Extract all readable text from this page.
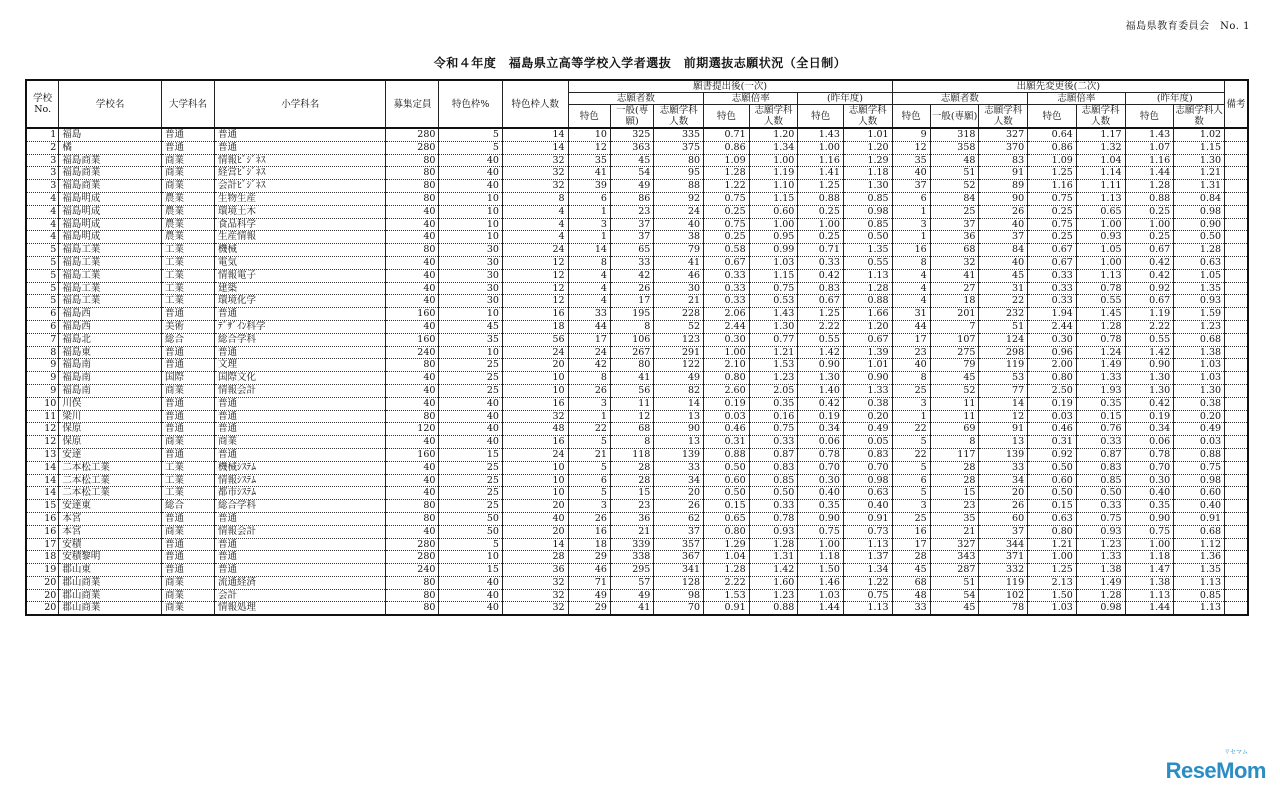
福島県教育委員会　No. 1
令和４年度　福島県立高等学校入学者選抜　前期選抜志願状況（全日制）
学校No.	学校名	大学科名	小学科名	募集定員	特色枠%	特色枠人数	願書提出後(一次)							出願先変更後(二次)							備考
							志願者数			志願倍率		(昨年度)		志願者数			志願倍率		(昨年度)		
							特色	一般(専願)	志願学科人数	特色	志願学科人数	特色	志願学科人数	特色	一般(専願)	志願学科人数	特色	志願学科人数	特色	志願学科人数	
1	福島	普通	普通	280	5	14	10	325	335	0.71	1.20	1.43	1.01	9	318	327	0.64	1.17	1.43	1.02	
2	橘	普通	普通	280	5	14	12	363	375	0.86	1.34	1.00	1.20	12	358	370	0.86	1.32	1.07	1.15	
3	福島商業	商業	情報ﾋﾞｼﾞﾈｽ	80	40	32	35	45	80	1.09	1.00	1.16	1.29	35	48	83	1.09	1.04	1.16	1.30	
3	福島商業	商業	経営ﾋﾞｼﾞﾈｽ	80	40	32	41	54	95	1.28	1.19	1.41	1.18	40	51	91	1.25	1.14	1.44	1.21	
3	福島商業	商業	会計ﾋﾞｼﾞﾈｽ	80	40	32	39	49	88	1.22	1.10	1.25	1.30	37	52	89	1.16	1.11	1.28	1.31	
4	福島明成	農業	生物生産	80	10	8	6	86	92	0.75	1.15	0.88	0.85	6	84	90	0.75	1.13	0.88	0.84	
4	福島明成	農業	環境土木	40	10	4	1	23	24	0.25	0.60	0.25	0.98	1	25	26	0.25	0.65	0.25	0.98	
4	福島明成	農業	食品科学	40	10	4	3	37	40	0.75	1.00	1.00	0.85	3	37	40	0.75	1.00	1.00	0.90	
4	福島明成	農業	生産情報	40	10	4	1	37	38	0.25	0.95	0.25	0.50	1	36	37	0.25	0.93	0.25	0.50	
5	福島工業	工業	機械	80	30	24	14	65	79	0.58	0.99	0.71	1.35	16	68	84	0.67	1.05	0.67	1.28	
5	福島工業	工業	電気	40	30	12	8	33	41	0.67	1.03	0.33	0.55	8	32	40	0.67	1.00	0.42	0.63	
5	福島工業	工業	情報電子	40	30	12	4	42	46	0.33	1.15	0.42	1.13	4	41	45	0.33	1.13	0.42	1.05	
5	福島工業	工業	建築	40	30	12	4	26	30	0.33	0.75	0.83	1.28	4	27	31	0.33	0.78	0.92	1.35	
5	福島工業	工業	環境化学	40	30	12	4	17	21	0.33	0.53	0.67	0.88	4	18	22	0.33	0.55	0.67	0.93	
6	福島西	普通	普通	160	10	16	33	195	228	2.06	1.43	1.25	1.66	31	201	232	1.94	1.45	1.19	1.59	
6	福島西	美術	ﾃﾞｻﾞｲﾝ科学	40	45	18	44	8	52	2.44	1.30	2.22	1.20	44	7	51	2.44	1.28	2.22	1.23	
7	福島北	総合	総合学科	160	35	56	17	106	123	0.30	0.77	0.55	0.67	17	107	124	0.30	0.78	0.55	0.68	
8	福島東	普通	普通	240	10	24	24	267	291	1.00	1.21	1.42	1.39	23	275	298	0.96	1.24	1.42	1.38	
9	福島南	普通	文理	80	25	20	42	80	122	2.10	1.53	0.90	1.01	40	79	119	2.00	1.49	0.90	1.03	
9	福島南	国際	国際文化	40	25	10	8	41	49	0.80	1.23	1.30	0.90	8	45	53	0.80	1.33	1.30	1.03	
9	福島南	商業	情報会計	40	25	10	26	56	82	2.60	2.05	1.40	1.33	25	52	77	2.50	1.93	1.30	1.30	
10	川俣	普通	普通	40	40	16	3	11	14	0.19	0.35	0.42	0.38	3	11	14	0.19	0.35	0.42	0.38	
11	梁川	普通	普通	80	40	32	1	12	13	0.03	0.16	0.19	0.20	1	11	12	0.03	0.15	0.19	0.20	
12	保原	普通	普通	120	40	48	22	68	90	0.46	0.75	0.34	0.49	22	69	91	0.46	0.76	0.34	0.49	
12	保原	商業	商業	40	40	16	5	8	13	0.31	0.33	0.06	0.05	5	8	13	0.31	0.33	0.06	0.03	
13	安達	普通	普通	160	15	24	21	118	139	0.88	0.87	0.78	0.83	22	117	139	0.92	0.87	0.78	0.88	
14	二本松工業	工業	機械ｼｽﾃﾑ	40	25	10	5	28	33	0.50	0.83	0.70	0.70	5	28	33	0.50	0.83	0.70	0.75	
14	二本松工業	工業	情報ｼｽﾃﾑ	40	25	10	6	28	34	0.60	0.85	0.30	0.98	6	28	34	0.60	0.85	0.30	0.98	
14	二本松工業	工業	都市ｼｽﾃﾑ	40	25	10	5	15	20	0.50	0.50	0.40	0.63	5	15	20	0.50	0.50	0.40	0.60	
15	安達東	総合	総合学科	80	25	20	3	23	26	0.15	0.33	0.35	0.40	3	23	26	0.15	0.33	0.35	0.40	
16	本宮	普通	普通	80	50	40	26	36	62	0.65	0.78	0.90	0.91	25	35	60	0.63	0.75	0.90	0.91	
16	本宮	商業	情報会計	40	50	20	16	21	37	0.80	0.93	0.75	0.73	16	21	37	0.80	0.93	0.75	0.68	
17	安積	普通	普通	280	5	14	18	339	357	1.29	1.28	1.00	1.13	17	327	344	1.21	1.23	1.00	1.12	
18	安積黎明	普通	普通	280	10	28	29	338	367	1.04	1.31	1.18	1.37	28	343	371	1.00	1.33	1.18	1.36	
19	郡山東	普通	普通	240	15	36	46	295	341	1.28	1.42	1.50	1.34	45	287	332	1.25	1.38	1.47	1.35	
20	郡山商業	商業	流通経済	80	40	32	71	57	128	2.22	1.60	1.46	1.22	68	51	119	2.13	1.49	1.38	1.13	
20	郡山商業	商業	会計	80	40	32	49	49	98	1.53	1.23	1.03	0.75	48	54	102	1.50	1.28	1.13	0.85	
20	郡山商業	商業	情報処理	80	40	32	29	41	70	0.91	0.88	1.44	1.13	33	45	78	1.03	0.98	1.44	1.13	
リセマム
ReseMom
